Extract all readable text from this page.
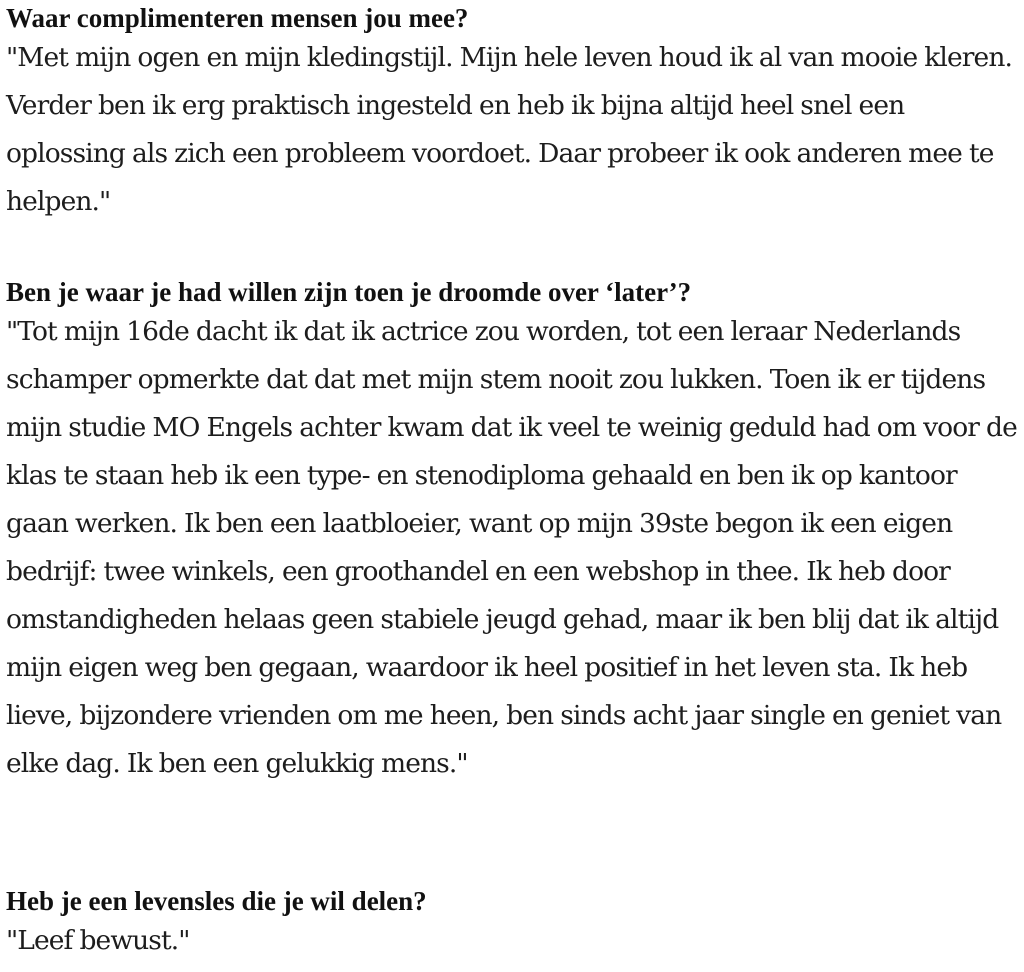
Waar complimenteren mensen jou mee?

"Met mijn ogen en mijn kledingstijl. Mijn hele leven houd ik al van mooie kleren. Verder ben ik erg praktisch ingesteld en heb ik bijna altijd heel snel een oplossing als zich een probleem voordoet. Daar probeer ik ook anderen mee te helpen."

Ben je waar je had willen zijn toen je droomde over ‘later’?

"Tot mijn 16de dacht ik dat ik actrice zou worden, tot een leraar Nederlands schamper opmerkte dat dat met mijn stem nooit zou lukken. Toen ik er tijdens mijn studie MO Engels achter kwam dat ik veel te weinig geduld had om voor de klas te staan heb ik een type- en stenodiploma gehaald en ben ik op kantoor gaan werken. Ik ben een laatbloeier, want op mijn 39ste begon ik een eigen bedrijf: twee winkels, een groothandel en een webshop in thee. Ik heb door omstandigheden helaas geen stabiele jeugd gehad, maar ik ben blij dat ik altijd mijn eigen weg ben gegaan, waardoor ik heel positief in het leven sta. Ik heb lieve, bijzondere vrienden om me heen, ben sinds acht jaar single en geniet van elke dag. Ik ben een gelukkig mens."

Heb je een levensles die je wil delen?

"Leef bewust."
